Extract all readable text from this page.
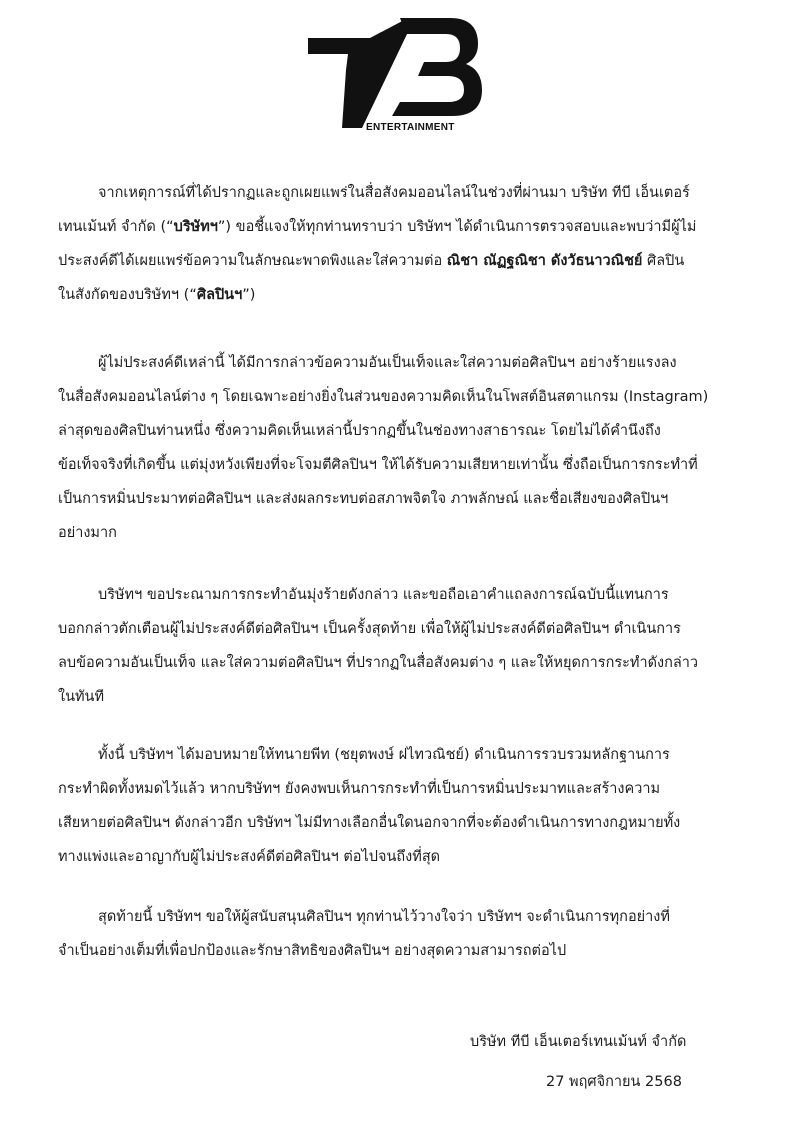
ENTERTAINMENT
จากเหตุการณ์ที่ได้ปรากฏและถูกเผยแพร่ในสื่อสังคมออนไลน์ในช่วงที่ผ่านมา บริษัท ทีบี เอ็นเตอร์
เทนเม้นท์ จำกัด (“บริษัทฯ”) ขอชี้แจงให้ทุกท่านทราบว่า บริษัทฯ ได้ดำเนินการตรวจสอบและพบว่ามีผู้ไม่
ประสงค์ดีได้เผยแพร่ข้อความในลักษณะพาดพิงและใส่ความต่อ ณิชา ณัฏฐณิชา ดังวัธนาวณิชย์ ศิลปิน
ในสังกัดของบริษัทฯ (“ศิลปินฯ”)
ผู้ไม่ประสงค์ดีเหล่านี้ ได้มีการกล่าวข้อความอันเป็นเท็จและใส่ความต่อศิลปินฯ อย่างร้ายแรงลง
ในสื่อสังคมออนไลน์ต่าง ๆ โดยเฉพาะอย่างยิ่งในส่วนของความคิดเห็นในโพสต์อินสตาแกรม (Instagram)
ล่าสุดของศิลปินท่านหนึ่ง ซึ่งความคิดเห็นเหล่านี้ปรากฏขึ้นในช่องทางสาธารณะ โดยไม่ได้คำนึงถึง
ข้อเท็จจริงที่เกิดขึ้น แต่มุ่งหวังเพียงที่จะโจมตีศิลปินฯ ให้ได้รับความเสียหายเท่านั้น ซึ่งถือเป็นการกระทำที่
เป็นการหมิ่นประมาทต่อศิลปินฯ และส่งผลกระทบต่อสภาพจิตใจ ภาพลักษณ์ และชื่อเสียงของศิลปินฯ
อย่างมาก
บริษัทฯ ขอประณามการกระทำอันมุ่งร้ายดังกล่าว และขอถือเอาคำแถลงการณ์ฉบับนี้แทนการ
บอกกล่าวตักเตือนผู้ไม่ประสงค์ดีต่อศิลปินฯ เป็นครั้งสุดท้าย เพื่อให้ผู้ไม่ประสงค์ดีต่อศิลปินฯ ดำเนินการ
ลบข้อความอันเป็นเท็จ และใส่ความต่อศิลปินฯ ที่ปรากฏในสื่อสังคมต่าง ๆ และให้หยุดการกระทำดังกล่าว
ในทันที
ทั้งนี้ บริษัทฯ ได้มอบหมายให้ทนายพีท (ชยุตพงษ์ ฝไทวณิชย์) ดำเนินการรวบรวมหลักฐานการ
กระทำผิดทั้งหมดไว้แล้ว หากบริษัทฯ ยังคงพบเห็นการกระทำที่เป็นการหมิ่นประมาทและสร้างความ
เสียหายต่อศิลปินฯ ดังกล่าวอีก บริษัทฯ ไม่มีทางเลือกอื่นใดนอกจากที่จะต้องดำเนินการทางกฎหมายทั้ง
ทางแพ่งและอาญากับผู้ไม่ประสงค์ดีต่อศิลปินฯ ต่อไปจนถึงที่สุด
สุดท้ายนี้ บริษัทฯ ขอให้ผู้สนับสนุนศิลปินฯ ทุกท่านไว้วางใจว่า บริษัทฯ จะดำเนินการทุกอย่างที่
จำเป็นอย่างเต็มที่เพื่อปกป้องและรักษาสิทธิของศิลปินฯ อย่างสุดความสามารถต่อไป
บริษัท ทีบี เอ็นเตอร์เทนเม้นท์ จำกัด
27 พฤศจิกายน 2568
